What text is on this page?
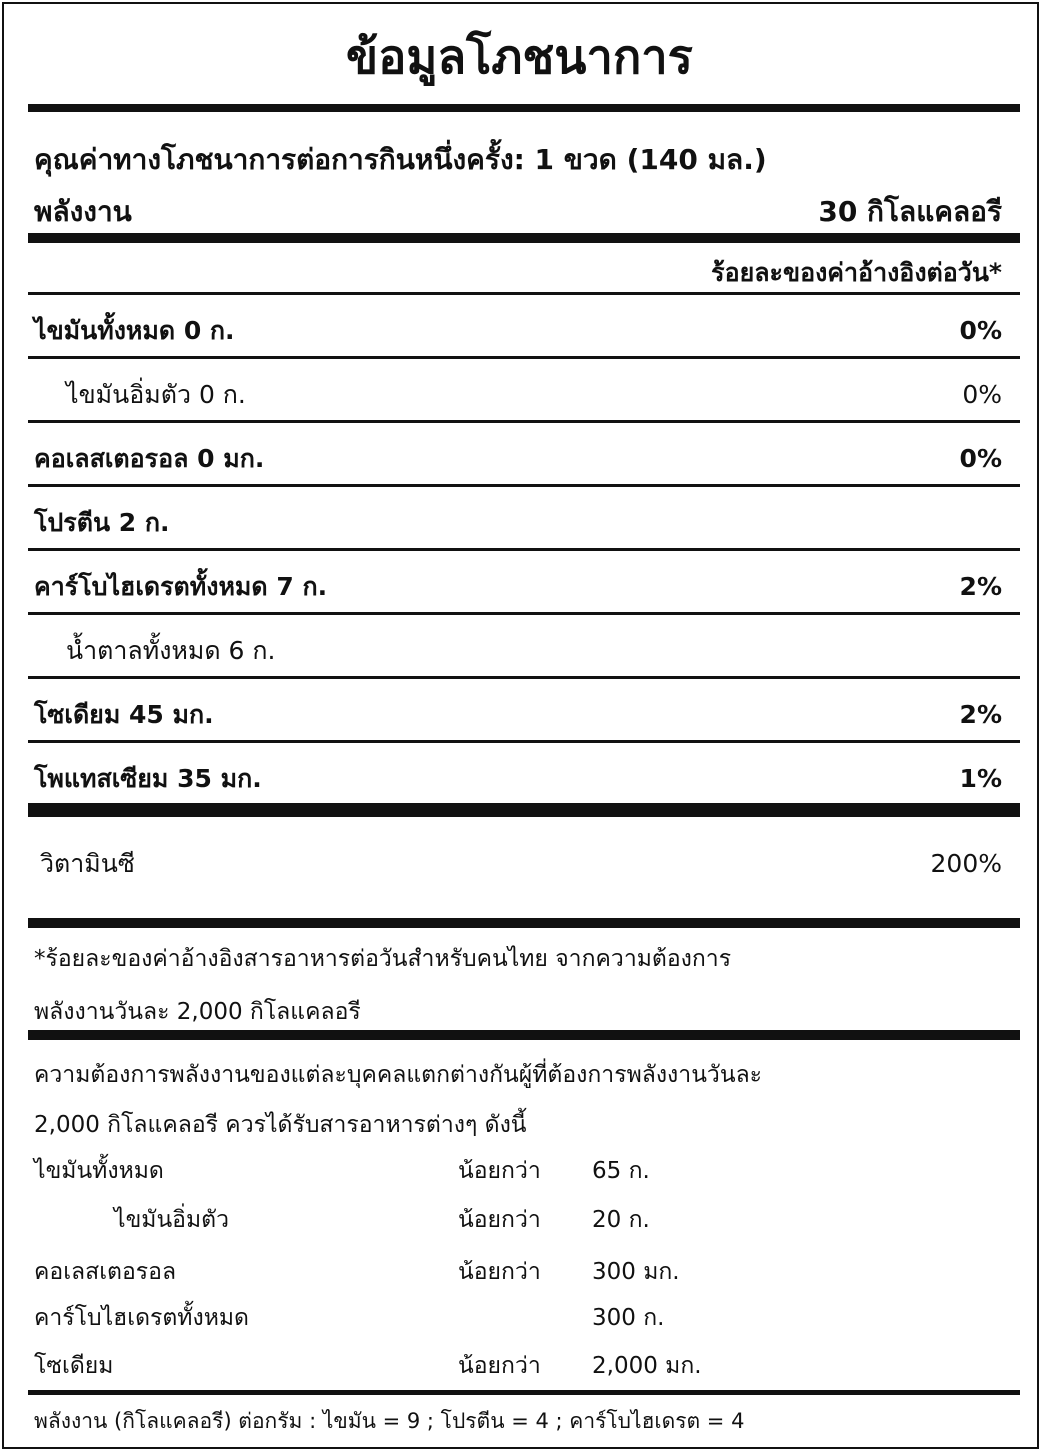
ข้อมูลโภชนาการ
คุณค่าทางโภชนาการต่อการกินหนึ่งครั้ง: 1 ขวด (140 มล.)
พลังงาน	30 กิโลแคลอรี
ร้อยละของค่าอ้างอิงต่อวัน*
ไขมันทั้งหมด 0 ก.	0%
ไขมันอิ่มตัว 0 ก.	0%
คอเลสเตอรอล 0 มก.	0%
โปรตีน 2 ก.
คาร์โบไฮเดรตทั้งหมด 7 ก.	2%
น้ำตาลทั้งหมด 6 ก.
โซเดียม 45 มก.	2%
โพแทสเซียม 35 มก.	1%
วิตามินซี	200%
*ร้อยละของค่าอ้างอิงสารอาหารต่อวันสำหรับคนไทย จากความต้องการ
พลังงานวันละ 2,000 กิโลแคลอรี
ความต้องการพลังงานของแต่ละบุคคลแตกต่างกันผู้ที่ต้องการพลังงานวันละ
2,000 กิโลแคลอรี ควรได้รับสารอาหารต่างๆ ดังนี้
ไขมันทั้งหมด	น้อยกว่า 65 ก.
ไขมันอิ่มตัว	น้อยกว่า 20 ก.
คอเลสเตอรอล	น้อยกว่า 300 มก.
คาร์โบไฮเดรตทั้งหมด	300 ก.
โซเดียม	น้อยกว่า 2,000 มก.
พลังงาน (กิโลแคลอรี) ต่อกรัม : ไขมัน = 9 ; โปรตีน = 4 ; คาร์โบไฮเดรต = 4
